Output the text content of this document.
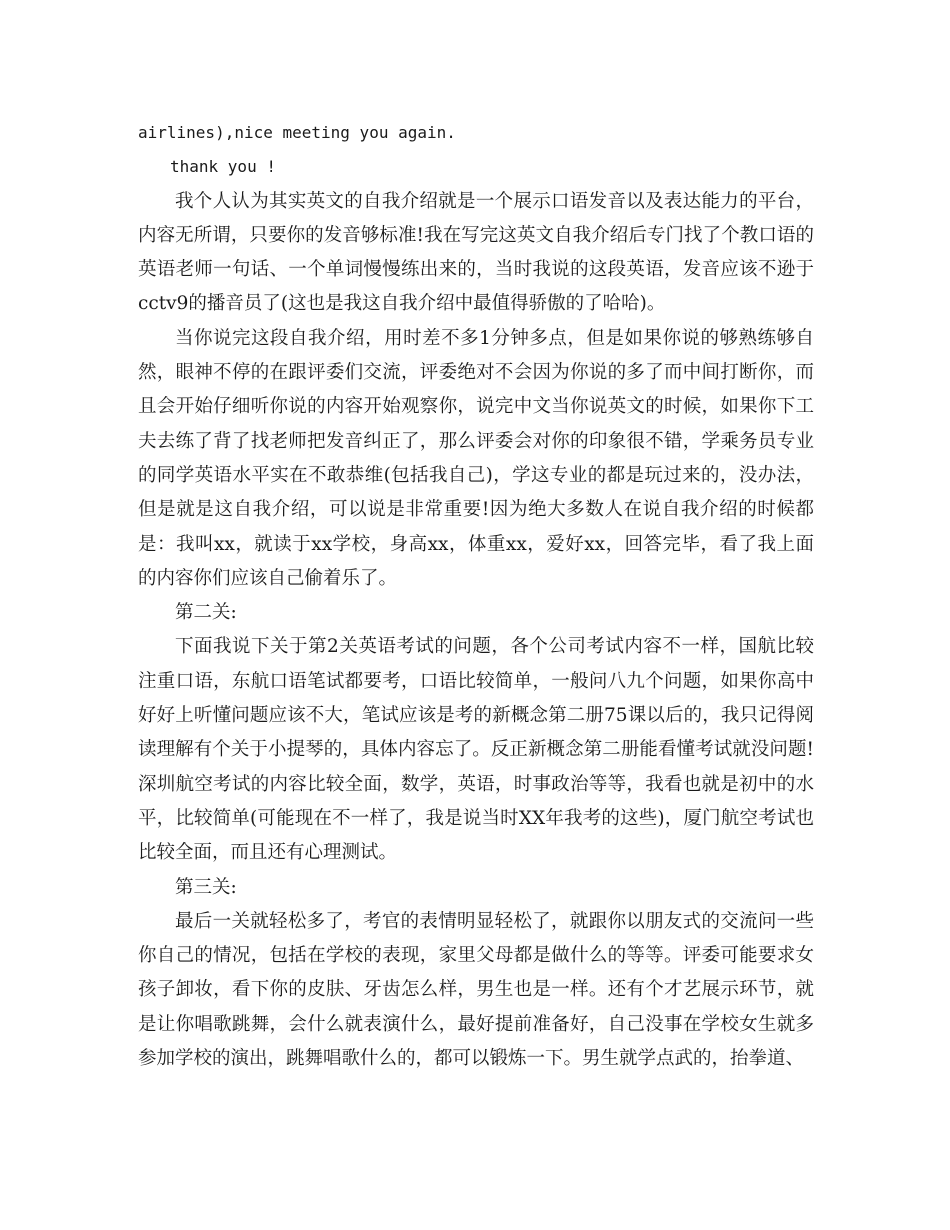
airlines),nice meeting you again.

thank you !

我个人认为其实英文的自我介绍就是一个展示口语发音以及表达能力的平台，内容无所谓，只要你的发音够标准!我在写完这英文自我介绍后专门找了个教口语的英语老师一句话、一个单词慢慢练出来的，当时我说的这段英语，发音应该不逊于cctv9的播音员了(这也是我这自我介绍中最值得骄傲的了哈哈)。

当你说完这段自我介绍，用时差不多1分钟多点，但是如果你说的够熟练够自然，眼神不停的在跟评委们交流，评委绝对不会因为你说的多了而中间打断你，而且会开始仔细听你说的内容开始观察你，说完中文当你说英文的时候，如果你下工夫去练了背了找老师把发音纠正了，那么评委会对你的印象很不错，学乘务员专业的同学英语水平实在不敢恭维(包括我自己)，学这专业的都是玩过来的，没办法，但是就是这自我介绍，可以说是非常重要!因为绝大多数人在说自我介绍的时候都是：我叫xx，就读于xx学校，身高xx，体重xx，爱好xx，回答完毕，看了我上面的内容你们应该自己偷着乐了。

第二关:

下面我说下关于第2关英语考试的问题，各个公司考试内容不一样，国航比较注重口语，东航口语笔试都要考，口语比较简单，一般问八九个问题，如果你高中好好上听懂问题应该不大，笔试应该是考的新概念第二册75课以后的，我只记得阅读理解有个关于小提琴的，具体内容忘了。反正新概念第二册能看懂考试就没问题!深圳航空考试的内容比较全面，数学，英语，时事政治等等，我看也就是初中的水平，比较简单(可能现在不一样了，我是说当时XX年我考的这些)，厦门航空考试也比较全面，而且还有心理测试。

第三关:

最后一关就轻松多了，考官的表情明显轻松了，就跟你以朋友式的交流问一些你自己的情况，包括在学校的表现，家里父母都是做什么的等等。评委可能要求女孩子卸妆，看下你的皮肤、牙齿怎么样，男生也是一样。还有个才艺展示环节，就是让你唱歌跳舞，会什么就表演什么，最好提前准备好，自己没事在学校女生就多参加学校的演出，跳舞唱歌什么的，都可以锻炼一下。男生就学点武的，抬拳道、
